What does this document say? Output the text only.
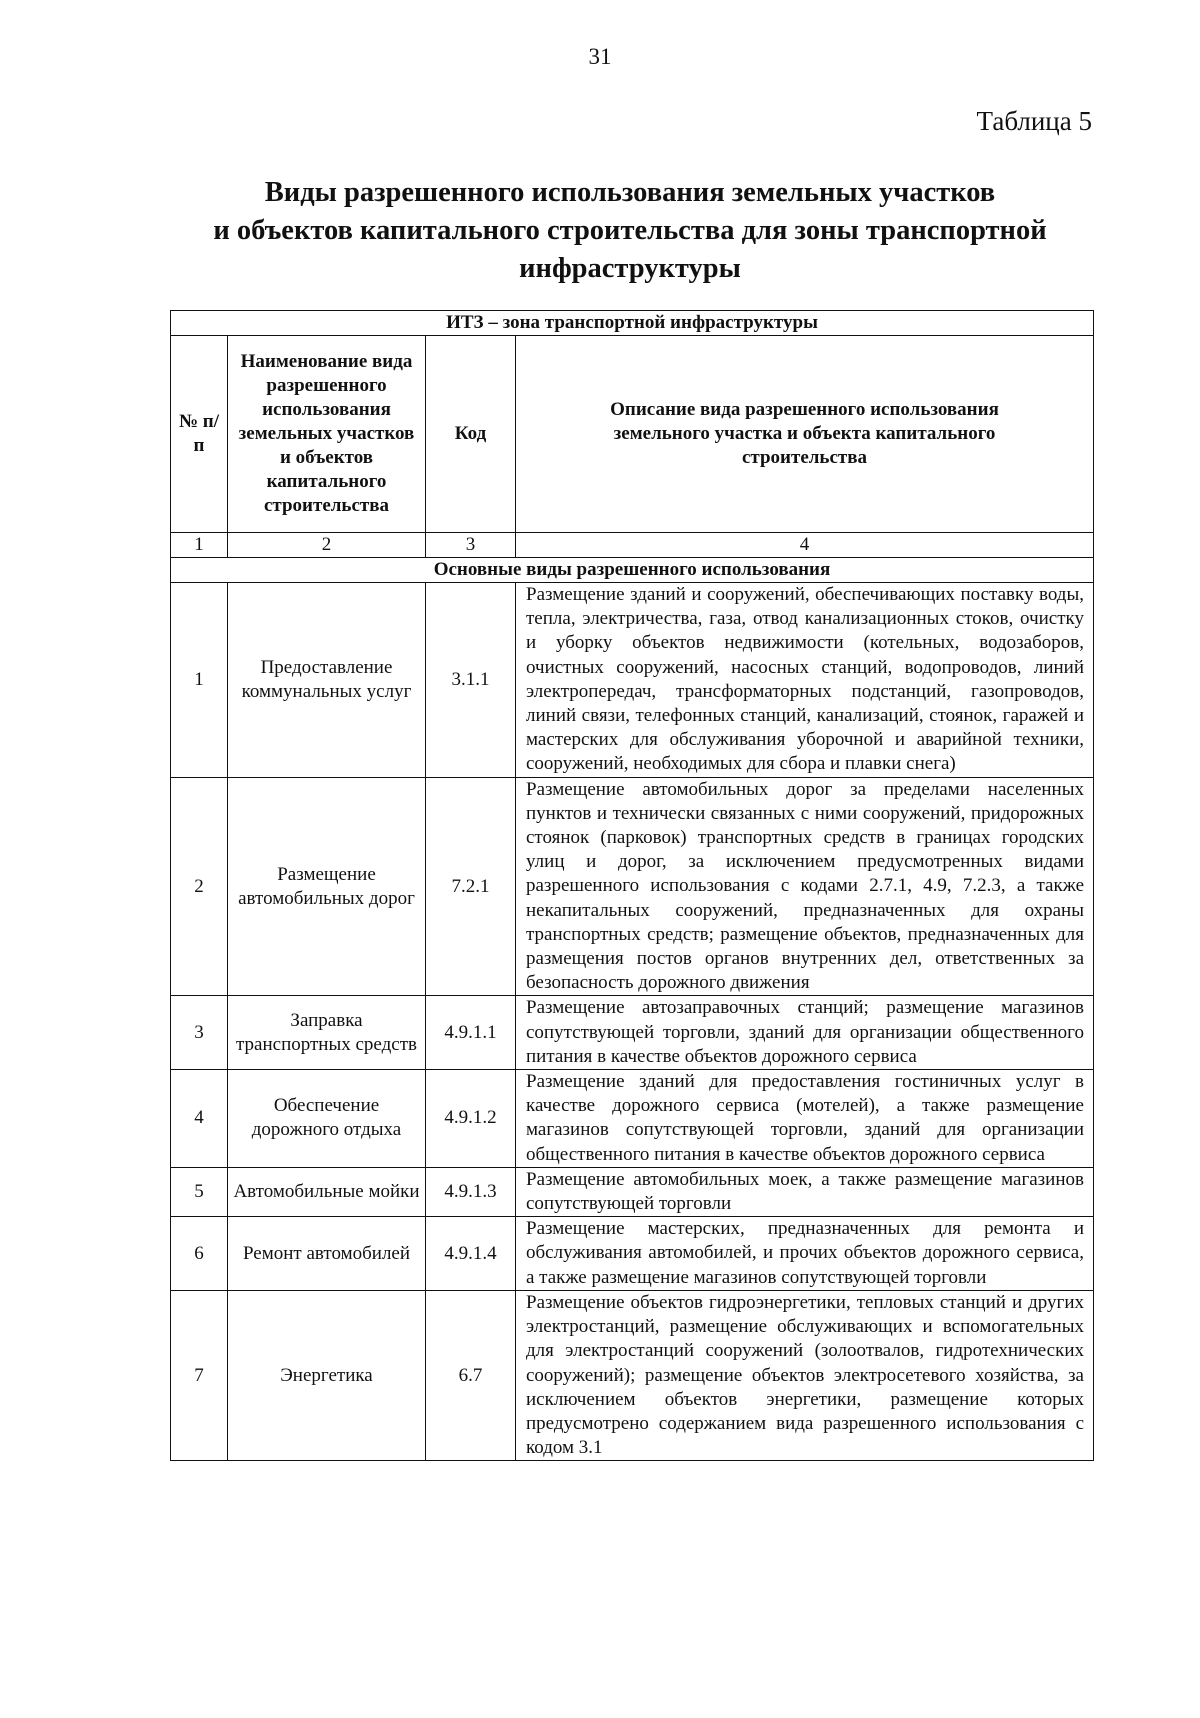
31
Таблица 5
Виды разрешенного использования земельных участков
и объектов капитального строительства для зоны транспортной
инфраструктуры
ИТЗ – зона транспортной инфраструктуры			
№ п/п	Наименование вида разрешенного использования земельных участков и объектов капитального строительства	Код	Описание вида разрешенного использования земельного участка и объекта капитального строительства
1	2	3	4
Основные виды разрешенного использования			
1	Предоставление коммунальных услуг	3.1.1	Размещение зданий и сооружений, обеспечивающих поставку воды, тепла, электричества, газа, отвод канализационных стоков, очистку и уборку объектов недвижимости (котельных, водозаборов, очистных сооружений, насосных станций, водопроводов, линий электропередач, трансформаторных подстанций, газопроводов, линий связи, телефонных станций, канализаций, стоянок, гаражей и мастерских для обслуживания уборочной и аварийной техники, сооружений, необходимых для сбора и плавки снега)
2	Размещение автомобильных дорог	7.2.1	Размещение автомобильных дорог за пределами населенных пунктов и технически связанных с ними сооружений, придорожных стоянок (парковок) транспортных средств в границах городских улиц и дорог, за исключением предусмотренных видами разрешенного использования с кодами 2.7.1, 4.9, 7.2.3, а также некапитальных сооружений, предназначенных для охраны транспортных средств; размещение объектов, предназначенных для размещения постов органов внутренних дел, ответственных за безопасность дорожного движения
3	Заправка транспортных средств	4.9.1.1	Размещение автозаправочных станций; размещение магазинов сопутствующей торговли, зданий для организации общественного питания в качестве объектов дорожного сервиса
4	Обеспечение дорожного отдыха	4.9.1.2	Размещение зданий для предоставления гостиничных услуг в качестве дорожного сервиса (мотелей), а также размещение магазинов сопутствующей торговли, зданий для организации общественного питания в качестве объектов дорожного сервиса
5	Автомобильные мойки	4.9.1.3	Размещение автомобильных моек, а также размещение магазинов сопутствующей торговли
6	Ремонт автомобилей	4.9.1.4	Размещение мастерских, предназначенных для ремонта и обслуживания автомобилей, и прочих объектов дорожного сервиса, а также размещение магазинов сопутствующей торговли
7	Энергетика	6.7	Размещение объектов гидроэнергетики, тепловых станций и других электростанций, размещение обслуживающих и вспомогательных для электростанций сооружений (золоотвалов, гидротехнических сооружений); размещение объектов электросетевого хозяйства, за исключением объектов энергетики, размещение которых предусмотрено содержанием вида разрешенного использования с кодом 3.1
